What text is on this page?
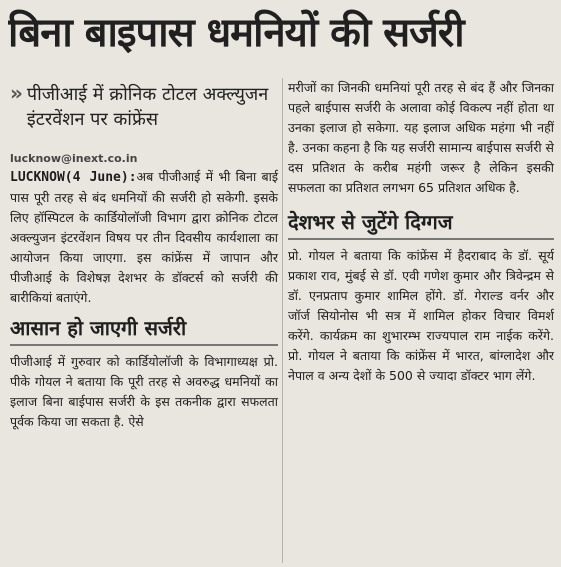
बिना बाइपास धमनियों की सर्जरी
» पीजीआई में क्रोनिक टोटल अक्ल्युजन इंटरवेंशन पर कांफ्रेंस
lucknow@inext.co.in

LUCKNOW(4 June):अब पीजीआई में भी बिना बाई पास पूरी तरह से बंद धमनियों की सर्जरी हो सकेगी. इसके लिए हॉस्पिटल के कार्डियोलॉजी विभाग द्वारा क्रोनिक टोटल अक्ल्युजन इंटरवेंशन विषय पर तीन दिवसीय कार्यशाला का आयोजन किया जाएगा. इस कांफ्रेंस में जापान और पीजीआई के विशेषज्ञ देशभर के डॉक्टर्स को सर्जरी की बारीकियां बताएंगे.

आसान हो जाएगी सर्जरी

पीजीआई में गुरुवार को कार्डियोलॉजी के विभागाध्यक्ष प्रो. पीके गोयल ने बताया कि पूरी तरह से अवरुद्ध धमनियों का इलाज बिना बाईपास सर्जरी के इस तकनीक द्वारा सफलता पूर्वक किया जा सकता है. ऐसे

मरीजों का जिनकी धमनियां पूरी तरह से बंद हैं और जिनका पहले बाईपास सर्जरी के अलावा कोई विकल्प नहीं होता था उनका इलाज हो सकेगा. यह इलाज अधिक महंगा भी नहीं है. उनका कहना है कि यह सर्जरी सामान्य बाईपास सर्जरी से दस प्रतिशत के करीब महंगी जरूर है लेकिन इसकी सफलता का प्रतिशत लगभग 65 प्रतिशत अधिक है.

देशभर से जुटेंगे दिग्गज

प्रो. गोयल ने बताया कि कांफ्रेंस में हैदराबाद के डॉ. सूर्य प्रकाश राव, मुंबई से डॉ. एवी गणेश कुमार और त्रिवेन्द्रम से डॉ. एनप्रताप कुमार शामिल होंगे. डॉ. गेराल्ड वर्नर और जॉर्ज सियोनोस भी सत्र में शामिल होकर विचार विमर्श करेंगे. कार्यक्रम का शुभारम्भ राज्यपाल राम नाईक करेंगे. प्रो. गोयल ने बताया कि कांफ्रेंस में भारत, बांग्लादेश और नेपाल व अन्य देशों के 500 से ज्यादा डॉक्टर भाग लेंगे.
